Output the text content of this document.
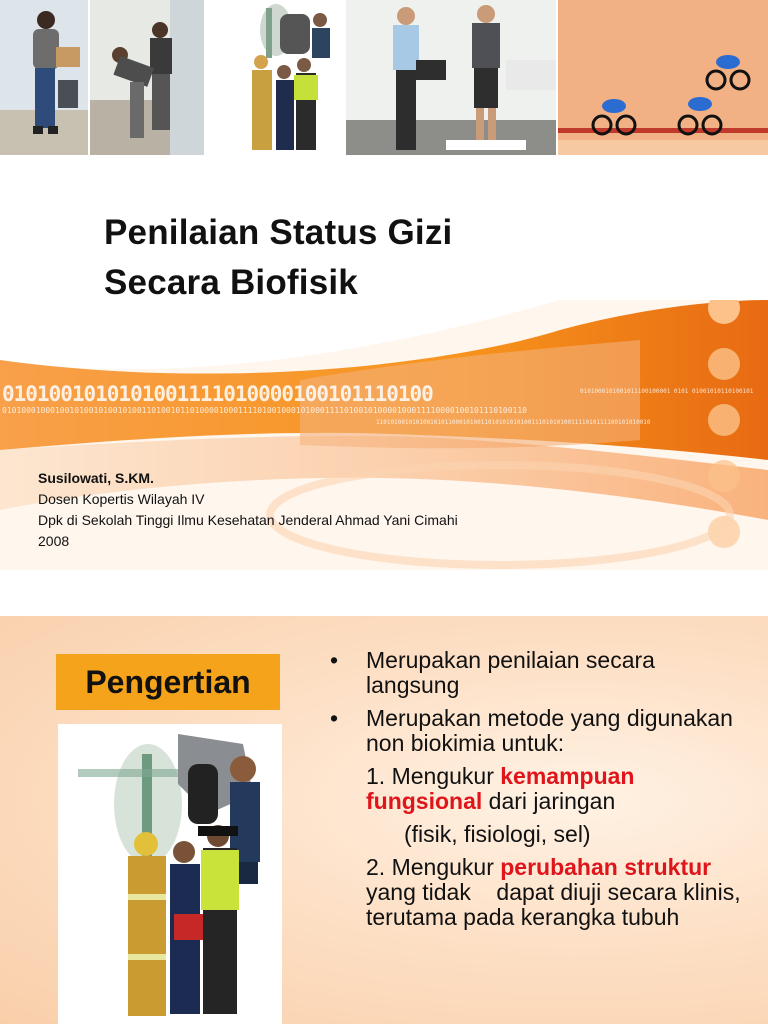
Penilaian Status Gizi
Secara Biofisik
0101001010101001111010000100101110100
0101000100010010100101001010011010010110100001000111101001000101000111101001010000100011110000100101110100110
0101000101001011100100001 0101 01001010110100101
1101010010101001010110001010011010101010100111010101001111010111100101010010
Susilowati, S.KM.
Dosen Kopertis Wilayah IV
Dpk di Sekolah Tinggi Ilmu Kesehatan Jenderal Ahmad Yani Cimahi
2008
Pengertian
• Merupakan penilaian secara langsung
• Merupakan metode yang digunakan non biokimia untuk:
1. Mengukur kemampuan fungsional dari jaringan
(fisik, fisiologi, sel)
2. Mengukur perubahan struktur yang tidak    dapat diuji secara klinis, terutama pada kerangka tubuh
